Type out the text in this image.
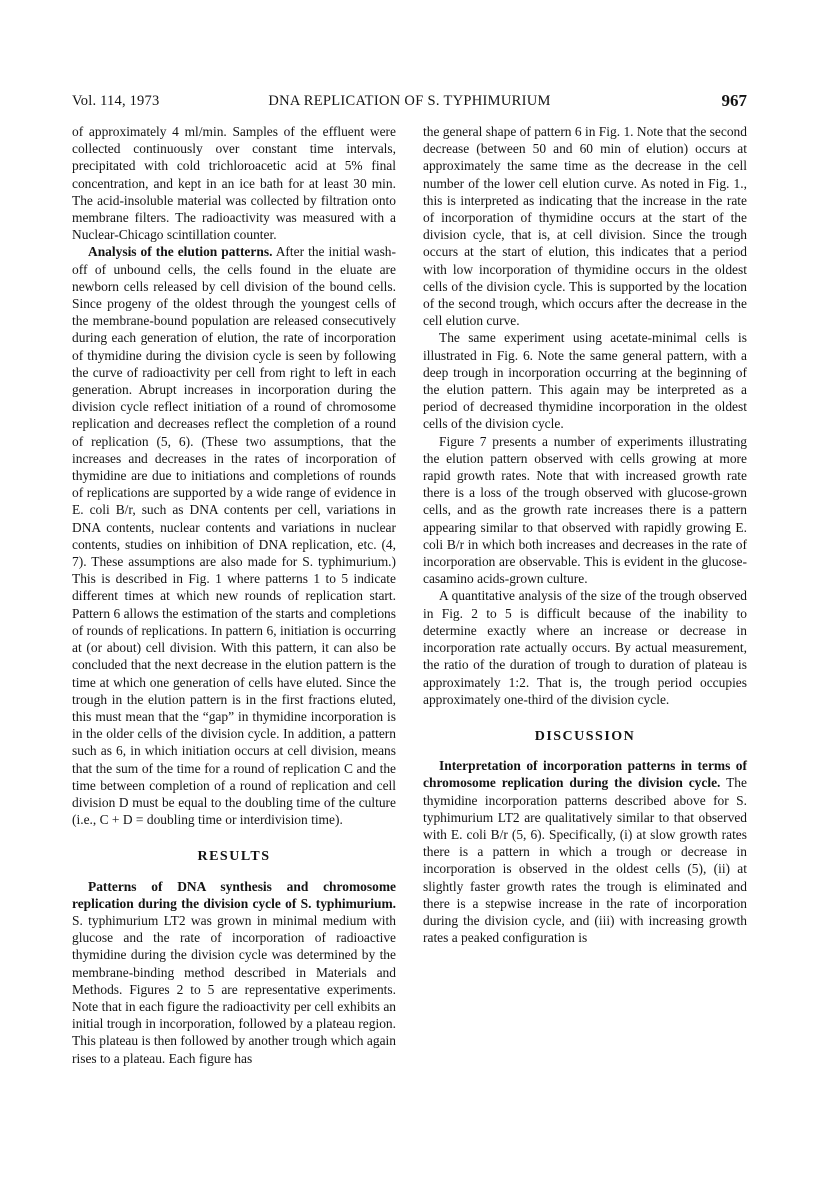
Vol. 114, 1973	DNA REPLICATION OF S. TYPHIMURIUM	967

of approximately 4 ml/min. Samples of the effluent were collected continuously over constant time intervals, precipitated with cold trichloroacetic acid at 5% final concentration, and kept in an ice bath for at least 30 min. The acid-insoluble material was collected by filtration onto membrane filters. The radioactivity was measured with a Nuclear-Chicago scintillation counter.

Analysis of the elution patterns. After the initial wash-off of unbound cells, the cells found in the eluate are newborn cells released by cell division of the bound cells. Since progeny of the oldest through the youngest cells of the membrane-bound population are released consecutively during each generation of elution, the rate of incorporation of thymidine during the division cycle is seen by following the curve of radioactivity per cell from right to left in each generation. Abrupt increases in incorporation during the division cycle reflect initiation of a round of chromosome replication and decreases reflect the completion of a round of replication (5, 6). (These two assumptions, that the increases and decreases in the rates of incorporation of thymidine are due to initiations and completions of rounds of replications are supported by a wide range of evidence in E. coli B/r, such as DNA contents per cell, variations in DNA contents, nuclear contents and variations in nuclear contents, studies on inhibition of DNA replication, etc. (4, 7). These assumptions are also made for S. typhimurium.) This is described in Fig. 1 where patterns 1 to 5 indicate different times at which new rounds of replication start. Pattern 6 allows the estimation of the starts and completions of rounds of replications. In pattern 6, initiation is occurring at (or about) cell division. With this pattern, it can also be concluded that the next decrease in the elution pattern is the time at which one generation of cells have eluted. Since the trough in the elution pattern is in the first fractions eluted, this must mean that the “gap” in thymidine incorporation is in the older cells of the division cycle. In addition, a pattern such as 6, in which initiation occurs at cell division, means that the sum of the time for a round of replication C and the time between completion of a round of replication and cell division D must be equal to the doubling time of the culture (i.e., C + D = doubling time or interdivision time).

RESULTS

Patterns of DNA synthesis and chromosome replication during the division cycle of S. typhimurium. S. typhimurium LT2 was grown in minimal medium with glucose and the rate of incorporation of radioactive thymidine during the division cycle was determined by the membrane-binding method described in Materials and Methods. Figures 2 to 5 are representative experiments. Note that in each figure the radioactivity per cell exhibits an initial trough in incorporation, followed by a plateau region. This plateau is then followed by another trough which again rises to a plateau. Each figure has

the general shape of pattern 6 in Fig. 1. Note that the second decrease (between 50 and 60 min of elution) occurs at approximately the same time as the decrease in the cell number of the lower cell elution curve. As noted in Fig. 1., this is interpreted as indicating that the increase in the rate of incorporation of thymidine occurs at the start of the division cycle, that is, at cell division. Since the trough occurs at the start of elution, this indicates that a period with low incorporation of thymidine occurs in the oldest cells of the division cycle. This is supported by the location of the second trough, which occurs after the decrease in the cell elution curve.

The same experiment using acetate-minimal cells is illustrated in Fig. 6. Note the same general pattern, with a deep trough in incorporation occurring at the beginning of the elution pattern. This again may be interpreted as a period of decreased thymidine incorporation in the oldest cells of the division cycle.

Figure 7 presents a number of experiments illustrating the elution pattern observed with cells growing at more rapid growth rates. Note that with increased growth rate there is a loss of the trough observed with glucose-grown cells, and as the growth rate increases there is a pattern appearing similar to that observed with rapidly growing E. coli B/r in which both increases and decreases in the rate of incorporation are observable. This is evident in the glucose-casamino acids-grown culture.

A quantitative analysis of the size of the trough observed in Fig. 2 to 5 is difficult because of the inability to determine exactly where an increase or decrease in incorporation rate actually occurs. By actual measurement, the ratio of the duration of trough to duration of plateau is approximately 1:2. That is, the trough period occupies approximately one-third of the division cycle.

DISCUSSION

Interpretation of incorporation patterns in terms of chromosome replication during the division cycle. The thymidine incorporation patterns described above for S. typhimurium LT2 are qualitatively similar to that observed with E. coli B/r (5, 6). Specifically, (i) at slow growth rates there is a pattern in which a trough or decrease in incorporation is observed in the oldest cells (5), (ii) at slightly faster growth rates the trough is eliminated and there is a stepwise increase in the rate of incorporation during the division cycle, and (iii) with increasing growth rates a peaked configuration is
